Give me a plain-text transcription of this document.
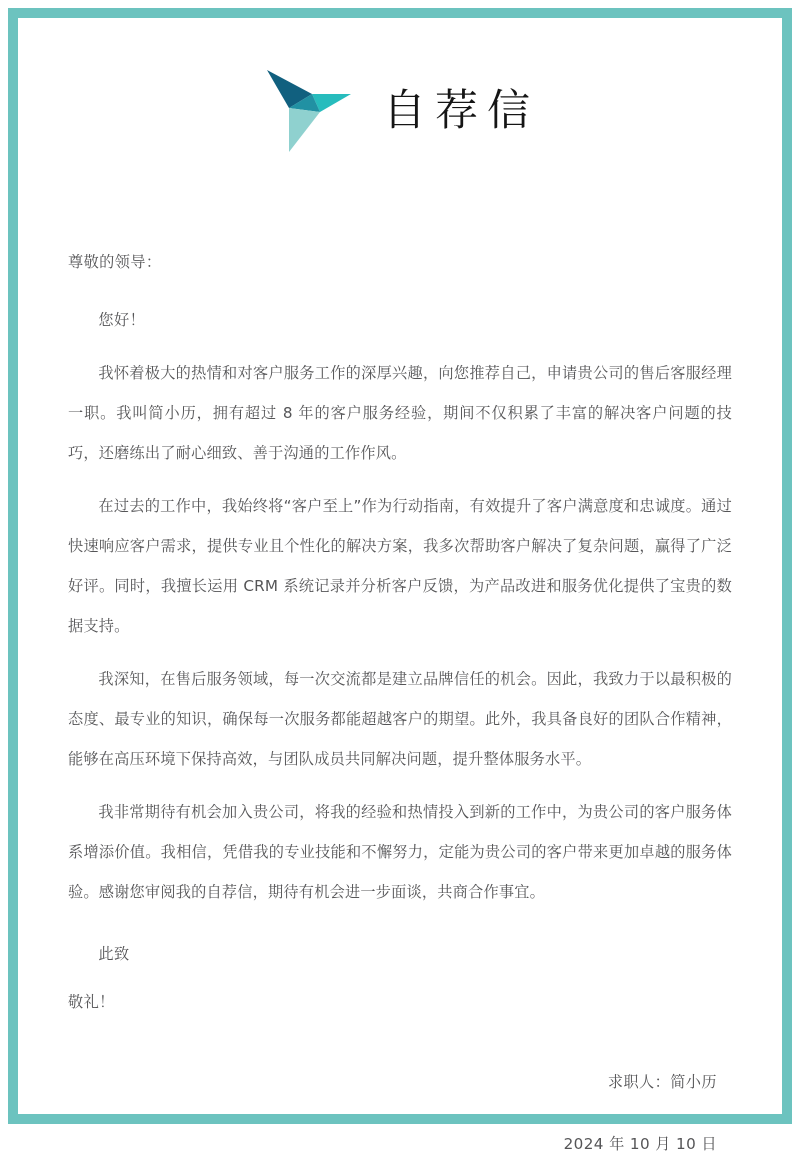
自荐信

尊敬的领导：

您好！

我怀着极大的热情和对客户服务工作的深厚兴趣，向您推荐自己，申请贵公司的售后客服经理一职。我叫简小历，拥有超过 8 年的客户服务经验，期间不仅积累了丰富的解决客户问题的技巧，还磨练出了耐心细致、善于沟通的工作作风。

在过去的工作中，我始终将“客户至上”作为行动指南，有效提升了客户满意度和忠诚度。通过快速响应客户需求，提供专业且个性化的解决方案，我多次帮助客户解决了复杂问题，赢得了广泛好评。同时，我擅长运用 CRM 系统记录并分析客户反馈，为产品改进和服务优化提供了宝贵的数据支持。

我深知，在售后服务领域，每一次交流都是建立品牌信任的机会。因此，我致力于以最积极的态度、最专业的知识，确保每一次服务都能超越客户的期望。此外，我具备良好的团队合作精神，能够在高压环境下保持高效，与团队成员共同解决问题，提升整体服务水平。

我非常期待有机会加入贵公司，将我的经验和热情投入到新的工作中，为贵公司的客户服务体系增添价值。我相信，凭借我的专业技能和不懈努力，定能为贵公司的客户带来更加卓越的服务体验。感谢您审阅我的自荐信，期待有机会进一步面谈，共商合作事宜。

此致

敬礼！

求职人：简小历

2024 年 10 月 10 日
